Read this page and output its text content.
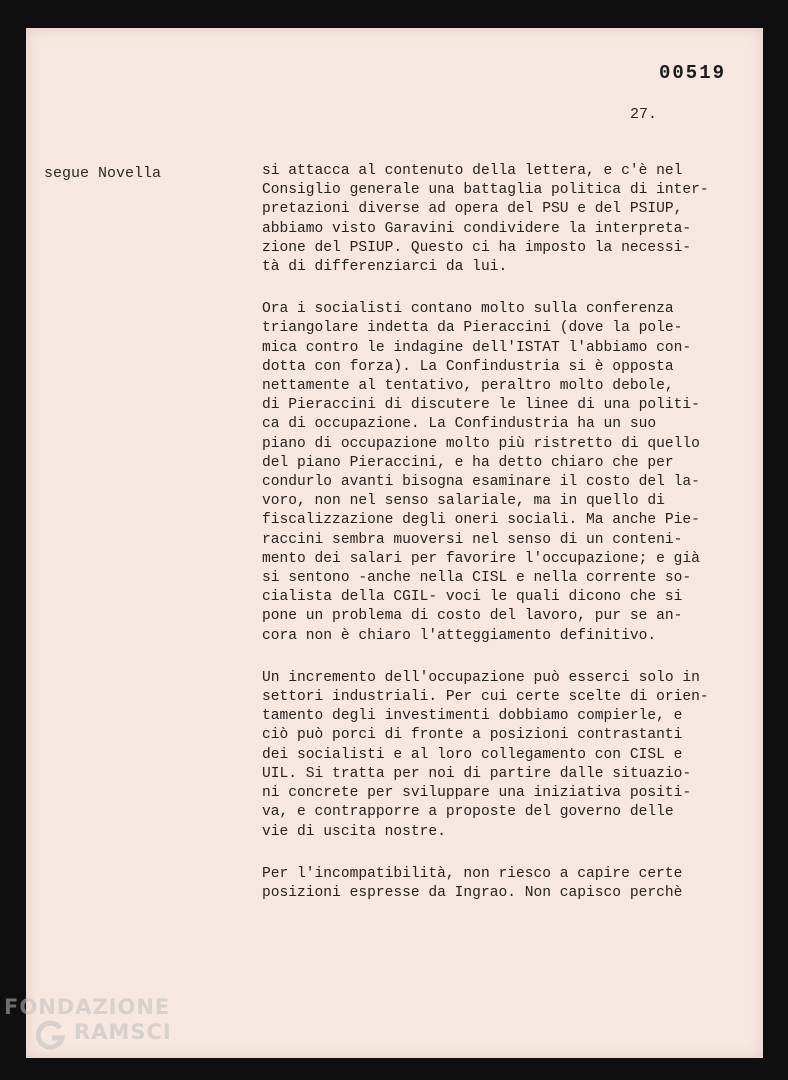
00519
27.
segue Novella	si attacca al contenuto della lettera, e c'è nel
Consiglio generale una battaglia politica di inter-
pretazioni diverse ad opera del PSU e del PSIUP,
abbiamo visto Garavini condividere la interpreta-
zione del PSIUP. Questo ci ha imposto la necessi-
tà di differenziarci da lui.
Ora i socialisti contano molto sulla conferenza
triangolare indetta da Pieraccini (dove la pole-
mica contro le indagine dell'ISTAT l'abbiamo con-
dotta con forza). La Confindustria si è opposta
nettamente al tentativo, peraltro molto debole,
di Pieraccini di discutere le linee di una politi-
ca di occupazione. La Confindustria ha un suo
piano di occupazione molto più ristretto di quello
del piano Pieraccini, e ha detto chiaro che per
condurlo avanti bisogna esaminare il costo del la-
voro, non nel senso salariale, ma in quello di
fiscalizzazione degli oneri sociali. Ma anche Pie-
raccini sembra muoversi nel senso di un conteni-
mento dei salari per favorire l'occupazione; e già
si sentono -anche nella CISL e nella corrente so-
cialista della CGIL- voci le quali dicono che si
pone un problema di costo del lavoro, pur se an-
cora non è chiaro l'atteggiamento definitivo.
Un incremento dell'occupazione può esserci solo in
settori industriali. Per cui certe scelte di orien-
tamento degli investimenti dobbiamo compierle, e
ciò può porci di fronte a posizioni contrastanti
dei socialisti e al loro collegamento con CISL e
UIL. Si tratta per noi di partire dalle situazio-
ni concrete per sviluppare una iniziativa positi-
va, e contrapporre a proposte del governo delle
vie di uscita nostre.
Per l'incompatibilità, non riesco a capire certe
posizioni espresse da Ingrao. Non capisco perchè
FONDAZIONE
RAMSCI
